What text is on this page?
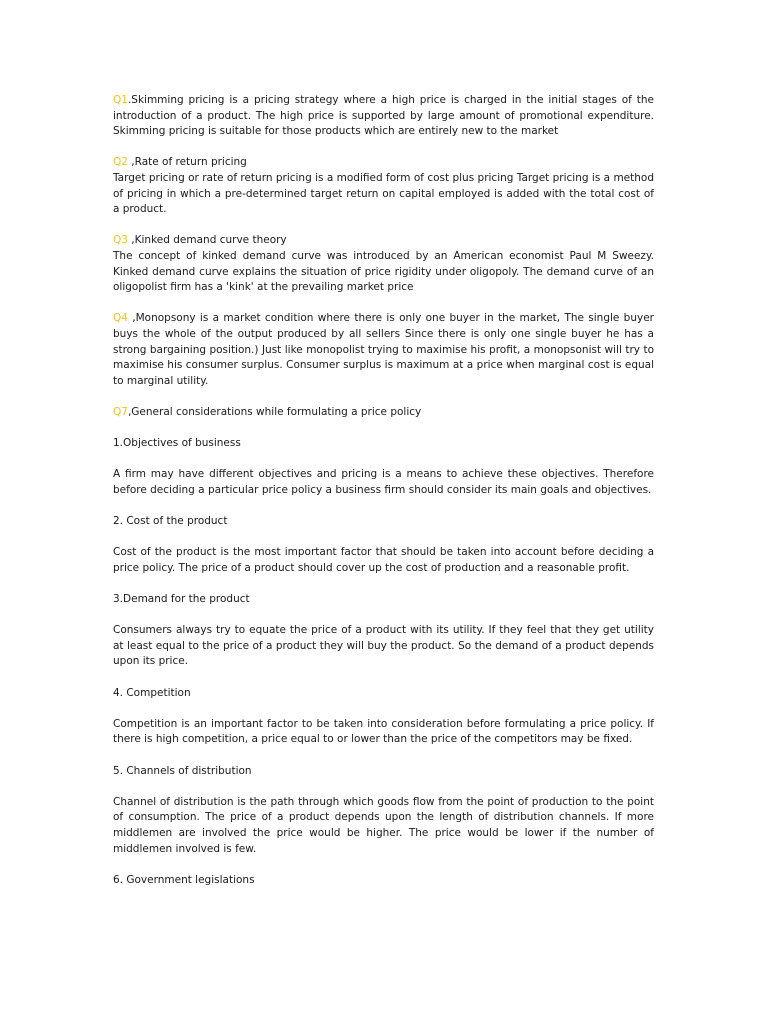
Q1.Skimming pricing is a pricing strategy where a high price is charged in the initial stages of the introduction of a product. The high price is supported by large amount of promotional expenditure. Skimming pricing is suitable for those products which are entirely new to the market

Q2 ,Rate of return pricing
Target pricing or rate of return pricing is a modified form of cost plus pricing Target pricing is a method of pricing in which a pre-determined target return on capital employed is added with the total cost of a product.

Q3 ,Kinked demand curve theory
The concept of kinked demand curve was introduced by an American economist Paul M Sweezy. Kinked demand curve explains the situation of price rigidity under oligopoly. The demand curve of an oligopolist firm has a 'kink' at the prevailing market price

Q4 ,Monopsony is a market condition where there is only one buyer in the market, The single buyer buys the whole of the output produced by all sellers Since there is only one single buyer he has a strong bargaining position.) Just like monopolist trying to maximise his profit, a monopsonist will try to maximise his consumer surplus. Consumer surplus is maximum at a price when marginal cost is equal to marginal utility.

Q7,General considerations while formulating a price policy

1.Objectives of business

A firm may have different objectives and pricing is a means to achieve these objectives. Therefore before deciding a particular price policy a business firm should consider its main goals and objectives.

2. Cost of the product

Cost of the product is the most important factor that should be taken into account before deciding a price policy. The price of a product should cover up the cost of production and a reasonable profit.

3.Demand for the product

Consumers always try to equate the price of a product with its utility. If they feel that they get utility at least equal to the price of a product they will buy the product. So the demand of a product depends upon its price.

4. Competition

Competition is an important factor to be taken into consideration before formulating a price policy. If there is high competition, a price equal to or lower than the price of the competitors may be fixed.

5. Channels of distribution

Channel of distribution is the path through which goods flow from the point of production to the point of consumption. The price of a product depends upon the length of distribution channels. If more middlemen are involved the price would be higher. The price would be lower if the number of middlemen involved is few.

6. Government legislations
